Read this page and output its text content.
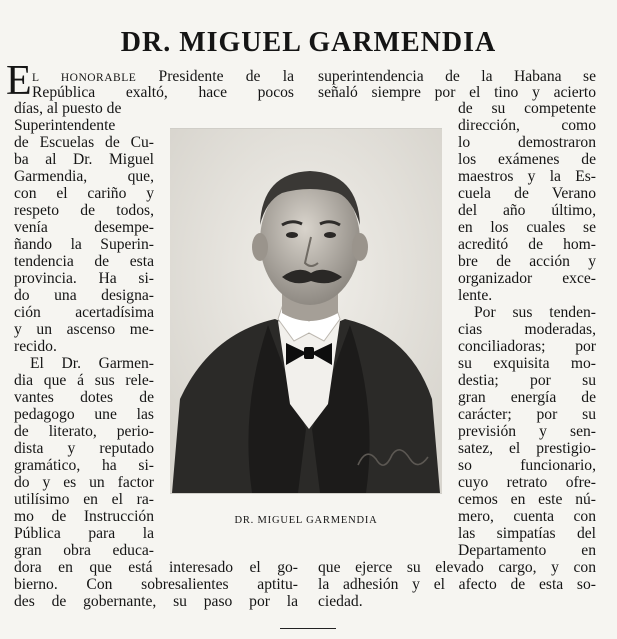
DR. MIGUEL GARMENDIA
E L HONORABLE Presidente de la
República exaltó, hace pocos
días, al puesto de
Superintendente
de Escuelas de Cu-
ba al Dr. Miguel
Garmendia, que,
con el cariño y
respeto de todos,
venía desempe-
ñando la Superin-
tendencia de esta
provincia. Ha si-
do una designa-
ción acertadísima
y un ascenso me-
recido.
El Dr. Garmen-
dia que á sus rele-
vantes dotes de
pedagogo une las
de literato, perio-
dista y reputado
gramático, ha si-
do y es un factor
utilísimo en el ra-
mo de Instrucción
Pública para la
gran obra educa-
dora en que está interesado el go-
bierno. Con sobresalientes aptitu-
des de gobernante, su paso por la
superintendencia de la Habana se
señaló siempre por el tino y acierto
de su competente
dirección, como
lo demostraron
los exámenes de
maestros y la Es-
cuela de Verano
del año último,
en los cuales se
acreditó de hom-
bre de acción y
organizador exce-
lente.
Por sus tenden-
cias moderadas,
conciliadoras; por
su exquisita mo-
destia; por su
gran energía de
carácter; por su
previsión y sen-
satez, el prestigio-
so funcionario,
cuyo retrato ofre-
cemos en este nú-
mero, cuenta con
las simpatías del
Departamento en
que ejerce su elevado cargo, y con
la adhesión y el afecto de esta so-
ciedad.
DR. MIGUEL GARMENDIA
